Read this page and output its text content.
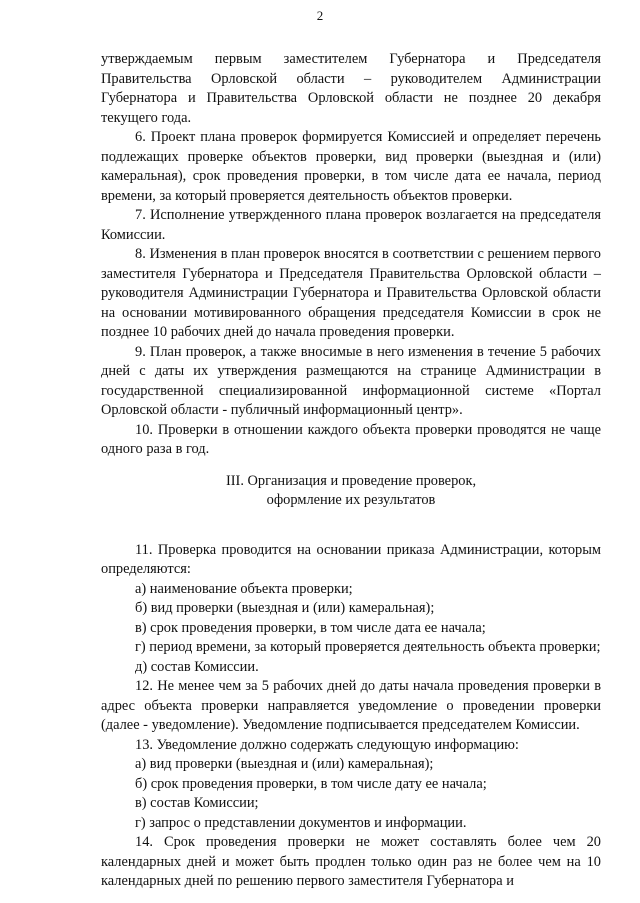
2

утверждаемым первым заместителем Губернатора и Председателя Правительства Орловской области – руководителем Администрации Губернатора и Правительства Орловской области не позднее 20 декабря текущего года.

6. Проект плана проверок формируется Комиссией и определяет перечень подлежащих проверке объектов проверки, вид проверки (выездная и (или) камеральная), срок проведения проверки, в том числе дата ее начала, период времени, за который проверяется деятельность объектов проверки.

7. Исполнение утвержденного плана проверок возлагается на председателя Комиссии.

8. Изменения в план проверок вносятся в соответствии с решением первого заместителя Губернатора и Председателя Правительства Орловской области – руководителя Администрации Губернатора и Правительства Орловской области на основании мотивированного обращения председателя Комиссии в срок не позднее 10 рабочих дней до начала проведения проверки.

9. План проверок, а также вносимые в него изменения в течение 5 рабочих дней с даты их утверждения размещаются на странице Администрации в государственной специализированной информационной системе «Портал Орловской области - публичный информационный центр».

10. Проверки в отношении каждого объекта проверки проводятся не чаще одного раза в год.

III. Организация и проведение проверок,
оформление их результатов

11. Проверка проводится на основании приказа Администрации, которым определяются:

а) наименование объекта проверки;

б) вид проверки (выездная и (или) камеральная);

в) срок проведения проверки, в том числе дата ее начала;

г) период времени, за который проверяется деятельность объекта проверки;

д) состав Комиссии.

12. Не менее чем за 5 рабочих дней до даты начала проведения проверки в адрес объекта проверки направляется уведомление о проведении проверки (далее - уведомление). Уведомление подписывается председателем Комиссии.

13. Уведомление должно содержать следующую информацию:

а) вид проверки (выездная и (или) камеральная);

б) срок проведения проверки, в том числе дату ее начала;

в) состав Комиссии;

г) запрос о представлении документов и информации.

14. Срок проведения проверки не может составлять более чем 20 календарных дней и может быть продлен только один раз не более чем на 10 календарных дней по решению первого заместителя Губернатора и
